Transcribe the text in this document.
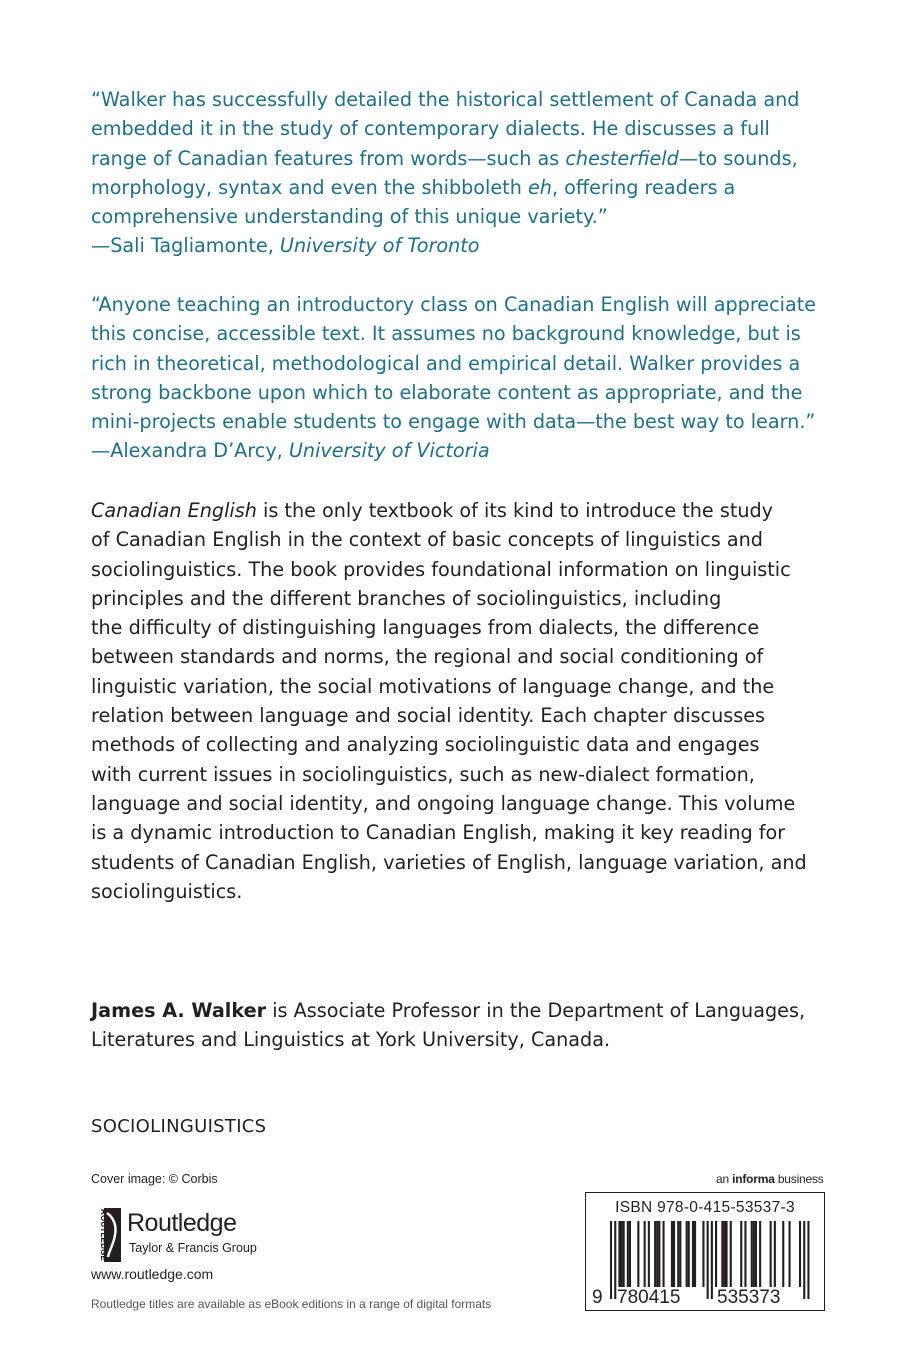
“Walker has successfully detailed the historical settlement of Canada and
embedded it in the study of contemporary dialects. He discusses a full
range of Canadian features from words—such as chesterfield—to sounds,
morphology, syntax and even the shibboleth eh, offering readers a
comprehensive understanding of this unique variety.”
—Sali Tagliamonte, University of Toronto

“Anyone teaching an introductory class on Canadian English will appreciate
this concise, accessible text. It assumes no background knowledge, but is
rich in theoretical, methodological and empirical detail. Walker provides a
strong backbone upon which to elaborate content as appropriate, and the
mini-projects enable students to engage with data—the best way to learn.”
—Alexandra D’Arcy, University of Victoria

Canadian English is the only textbook of its kind to introduce the study
of Canadian English in the context of basic concepts of linguistics and
sociolinguistics. The book provides foundational information on linguistic
principles and the different branches of sociolinguistics, including
the difficulty of distinguishing languages from dialects, the difference
between standards and norms, the regional and social conditioning of
linguistic variation, the social motivations of language change, and the
relation between language and social identity. Each chapter discusses
methods of collecting and analyzing sociolinguistic data and engages
with current issues in sociolinguistics, such as new-dialect formation,
language and social identity, and ongoing language change. This volume
is a dynamic introduction to Canadian English, making it key reading for
students of Canadian English, varieties of English, language variation, and
sociolinguistics.

James A. Walker is Associate Professor in the Department of Languages,
Literatures and Linguistics at York University, Canada.

SOCIOLINGUISTICS
Cover image: © Corbis
ROUTLEDGE Routledge
Taylor & Francis Group
www.routledge.com
Routledge titles are available as eBook editions in a range of digital formats
an informa business
ISBN 978-0-415-53537-3
9 780415 535373
